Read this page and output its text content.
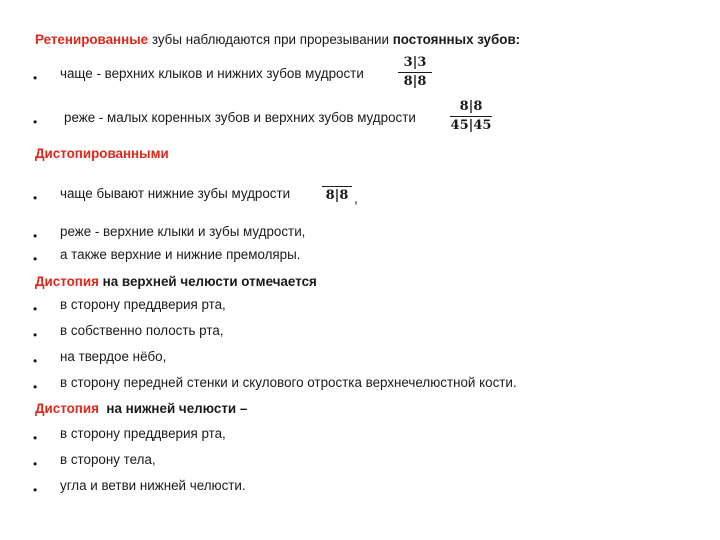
Ретенированные зубы наблюдаются при прорезывании постоянных зубов:
• чаще - верхних клыков и нижних зубов мудрости
3|3
8|8
• реже - малых коренных зубов и верхних зубов мудрости
8|8
45|45
Дистопированными
• чаще бывают нижние зубы мудрости	8|8 ,
• реже - верхние клыки и зубы мудрости,
• а также верхние и нижние премоляры.
Дистопия на верхней челюсти отмечается
• в сторону преддверия рта,
• в собственно полость рта,
• на твердое нёбо,
• в сторону передней стенки и скулового отростка верхнечелюстной кости.
Дистопия  на нижней челюсти –
• в сторону преддверия рта,
• в сторону тела,
• угла и ветви нижней челюсти.
